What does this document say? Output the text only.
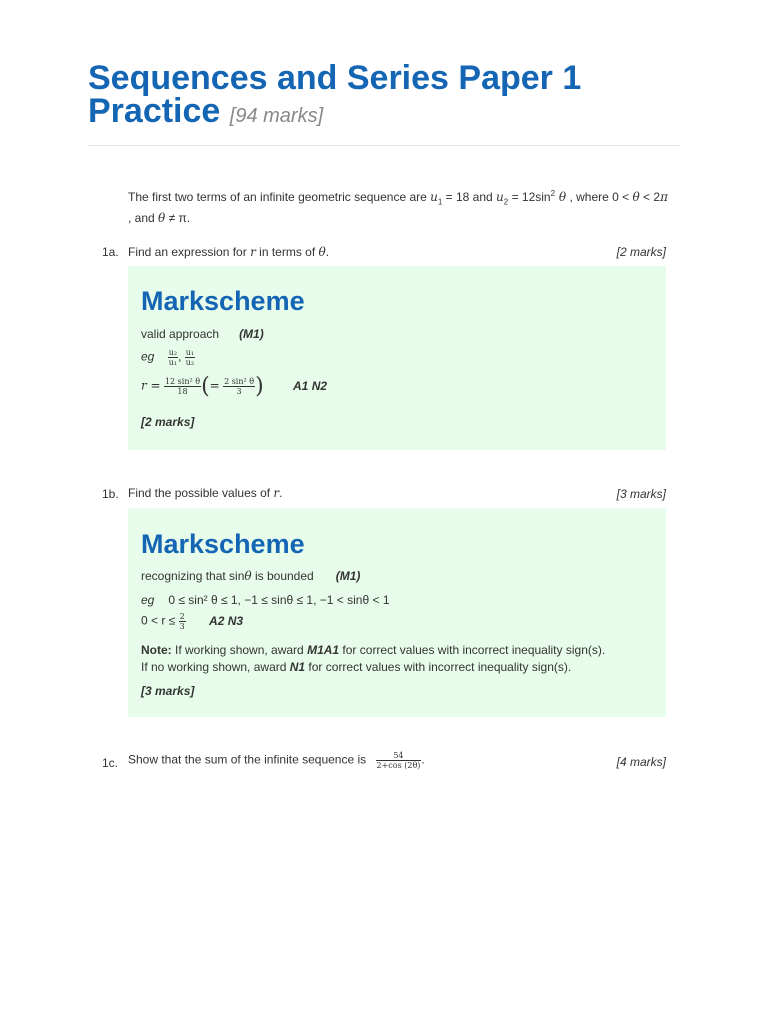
Sequences and Series Paper 1 Practice [94 marks]
The first two terms of an infinite geometric sequence are $u_1 = 18$ and $u_2 = 12\sin^2$ θ , where 0 < θ < 2π , and θ ≠ π.
1a. Find an expression for r in terms of θ.	[2 marks]
Markscheme
valid approach (M1)
eg $\frac{\text{u₂}}{\text{u₁}}$ , $\frac{\text{u₁}}{\text{u₂}}$
$r = \frac{\text{12 sin² θ}}{18}$ (= $\frac{\text{2 sin² θ}}{3}$ ) A1 N2
[2 marks]
1b. Find the possible values of r.	[3 marks]
Markscheme
recognizing that sinθ is bounded (M1)
eg 0 ≤ sin² θ ≤ 1, −1 ≤ sinθ ≤ 1, −1 < sinθ < 1
$0 < r \le \frac{2}{3} A2$ N3
Note: If working shown, award M1A1 for correct values with incorrect inequality sign(s).
If no working shown, award N1 for correct values with incorrect inequality sign(s).
[3 marks]
1c. Show that the sum of the infinite sequence is $\frac{54}{2+\cos (2\theta)}$ .	[4 marks]
